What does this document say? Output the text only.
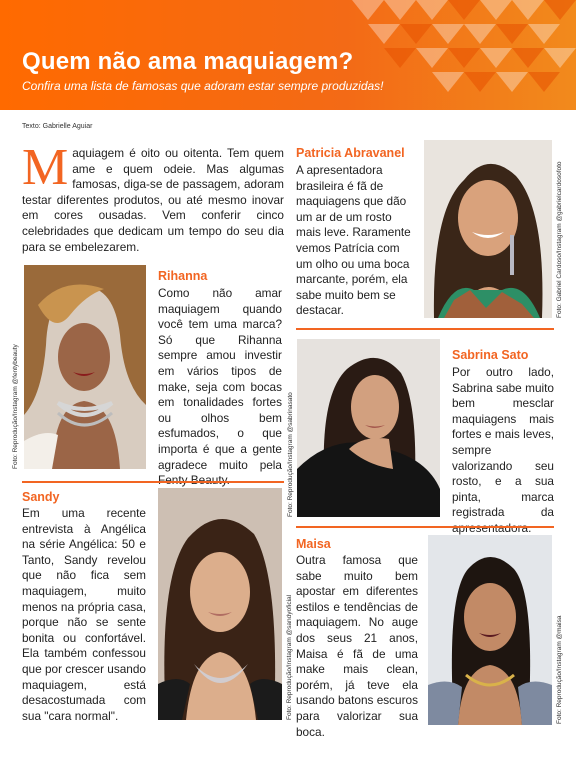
Quem não ama maquiagem?
Confira uma lista de famosas que adoram estar sempre produzidas!
Texto: Gabrielle Aguiar
Maquiagem é oito ou oitenta. Tem quem ame e quem odeie. Mas algumas famosas, diga-se de passagem, adoram testar diferentes produtos, ou até mesmo inovar em cores ousadas. Vem conferir cinco celebridades que dedicam um tempo do seu dia para se embelezarem.
Patricia Abravanel
A apresentadora brasileira é fã de maquiagens que dão um ar de um rosto mais leve. Raramente vemos Patrícia com um olho ou uma boca marcante, porém, ela sabe muito bem se destacar.	Foto: Gabriel Cardoso/Instagram @gabrielcardosofoto
Foto: Reprodução/Instagram @fentybeauty
Rihanna
Como não amar maquiagem quando você tem uma marca? Só que Rihanna sempre amou investir em vários tipos de make, seja com bocas em tonalidades fortes ou olhos bem esfumados, o que importa é que a gente agradece muito pela Foto: Reprodução/Instagram @sabrinasato
Sabrina Sato
Por outro lado, Sabrina sabe muito bem mesclar maquiagens mais fortes e mais leves, sempre valorizando seu rosto, e a sua pinta, marca registrada da
Sandy
Em uma recente entrevista à Angélica na série Angélica: 50 e Tanto, Sandy revelou que não fica sem maquiagem, muito menos na própria casa, porque não se sente bonita ou confortável. Ela também confessou que por crescer usando maquiagem, está desacostumada com sua "cara normal".	Foto: Reprodução/Instagram @sandyoficial
Maisa
Outra famosa que sabe muito bem apostar em diferentes estilos e tendências de maquiagem. No auge dos seus 21 anos, Maisa é fã de uma make mais clean, porém, já teve ela usando batons escuros para valorizar sua boca.
Foto: Reprodução/Instagram @maisa
